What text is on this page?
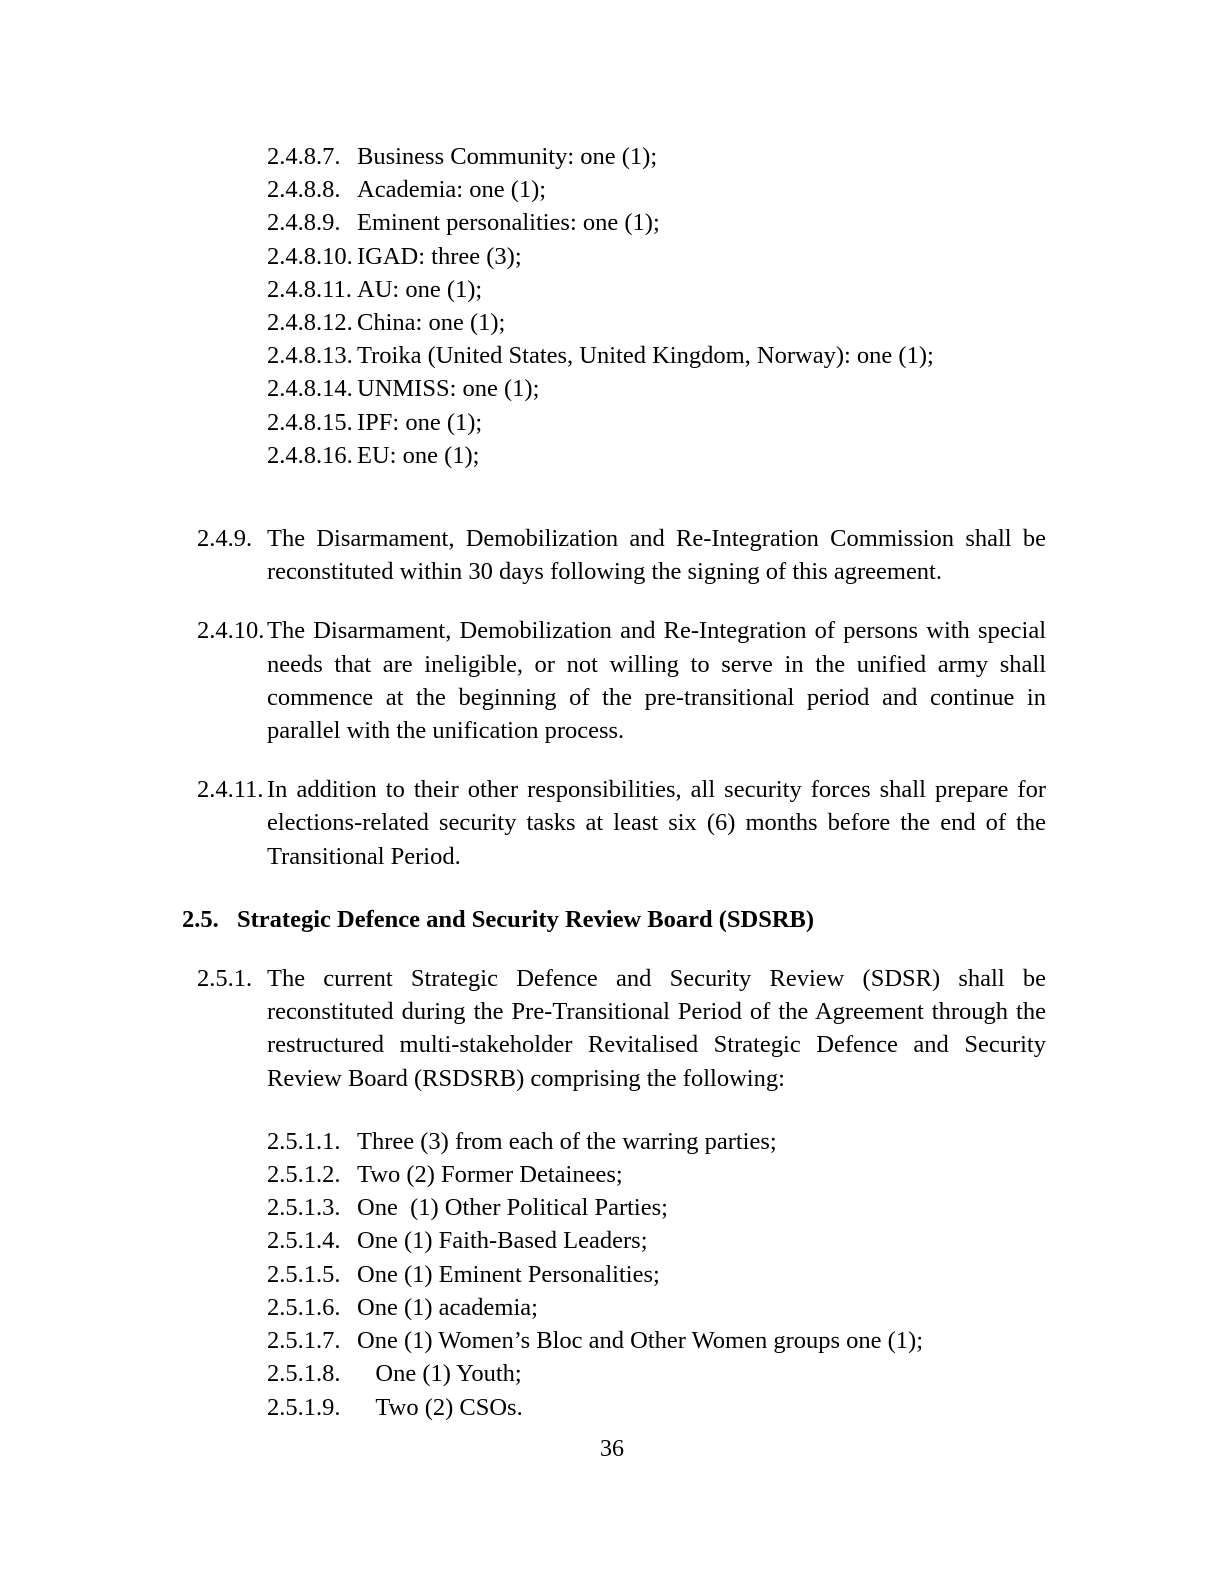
2.4.8.7. Business Community: one (1);
2.4.8.8. Academia: one (1);
2.4.8.9. Eminent personalities: one (1);
2.4.8.10. IGAD: three (3);
2.4.8.11. AU: one (1);
2.4.8.12. China: one (1);
2.4.8.13. Troika (United States, United Kingdom, Norway): one (1);
2.4.8.14. UNMISS: one (1);
2.4.8.15. IPF: one (1);
2.4.8.16. EU: one (1);
2.4.9. The Disarmament, Demobilization and Re-Integration Commission shall be reconstituted within 30 days following the signing of this agreement.
2.4.10. The Disarmament, Demobilization and Re-Integration of persons with special needs that are ineligible, or not willing to serve in the unified army shall commence at the beginning of the pre-transitional period and continue in parallel with the unification process.
2.4.11. In addition to their other responsibilities, all security forces shall prepare for elections-related security tasks at least six (6) months before the end of the Transitional Period.
2.5. Strategic Defence and Security Review Board (SDSRB)
2.5.1. The current Strategic Defence and Security Review (SDSR) shall be reconstituted during the Pre-Transitional Period of the Agreement through the restructured multi-stakeholder Revitalised Strategic Defence and Security Review Board (RSDSRB) comprising the following:
2.5.1.1. Three (3) from each of the warring parties;
2.5.1.2. Two (2) Former Detainees;
2.5.1.3. One  (1) Other Political Parties;
2.5.1.4. One (1) Faith-Based Leaders;
2.5.1.5. One (1) Eminent Personalities;
2.5.1.6. One (1) academia;
2.5.1.7. One (1) Women’s Bloc and Other Women groups one (1);
2.5.1.8. One (1) Youth;
2.5.1.9. Two (2) CSOs.
36
